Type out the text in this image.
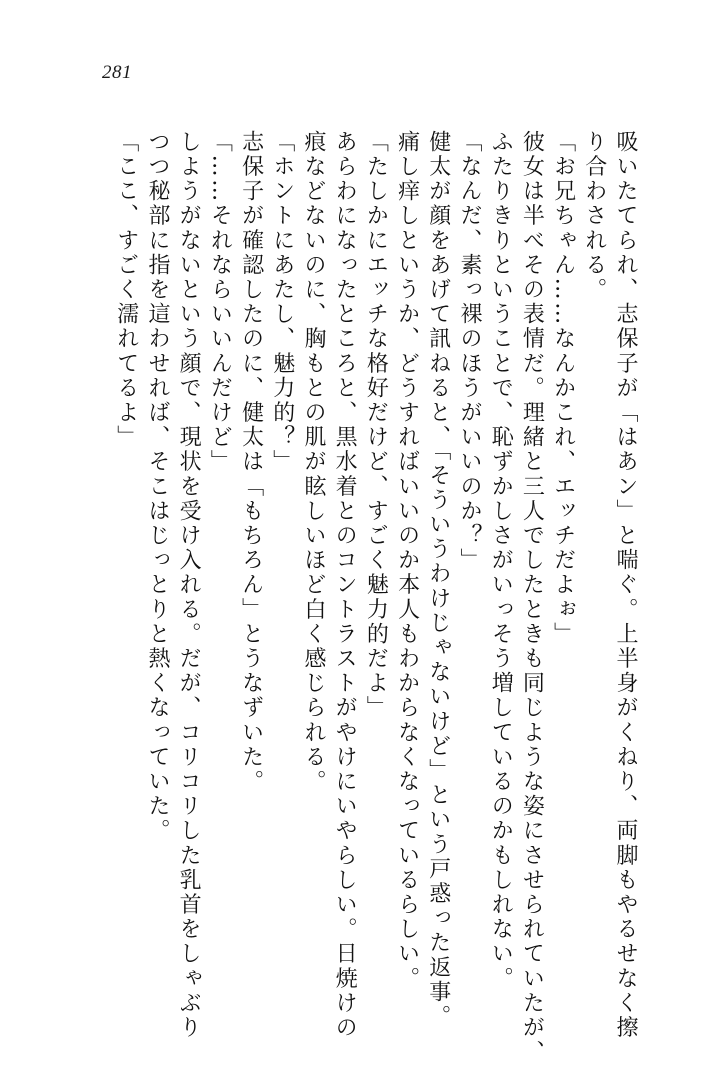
281

吸いたてられ、志保子が「はあン」と喘ぐ。上半身がくねり、両脚もやるせなく擦

り合わされる。

「お兄ちゃん……なんかこれ、エッチだよぉ」

彼女は半べその表情だ。理緒と三人でしたときも同じような姿にさせられていたが、

ふたりきりということで、恥ずかしさがいっそう増しているのかもしれない。

「なんだ、素っ裸のほうがいいのか？」

健太が顔をあげて訊ねると、「そういうわけじゃないけど」という戸惑った返事。

痛し痒しというか、どうすればいいのか本人もわからなくなっているらしい。

「たしかにエッチな格好だけど、すごく魅力的だよ」

あらわになったところと、黒水着とのコントラストがやけにいやらしい。日焼けの

痕などないのに、胸もとの肌が眩しいほど白く感じられる。

「ホントにあたし、魅力的？」

志保子が確認したのに、健太は「もちろん」とうなずいた。

「……それならいいんだけど」

しようがないという顔で、現状を受け入れる。だが、コリコリした乳首をしゃぶり

つつ秘部に指を這わせれば、そこはじっとりと熱くなっていた。

「ここ、すごく濡れてるよ」
